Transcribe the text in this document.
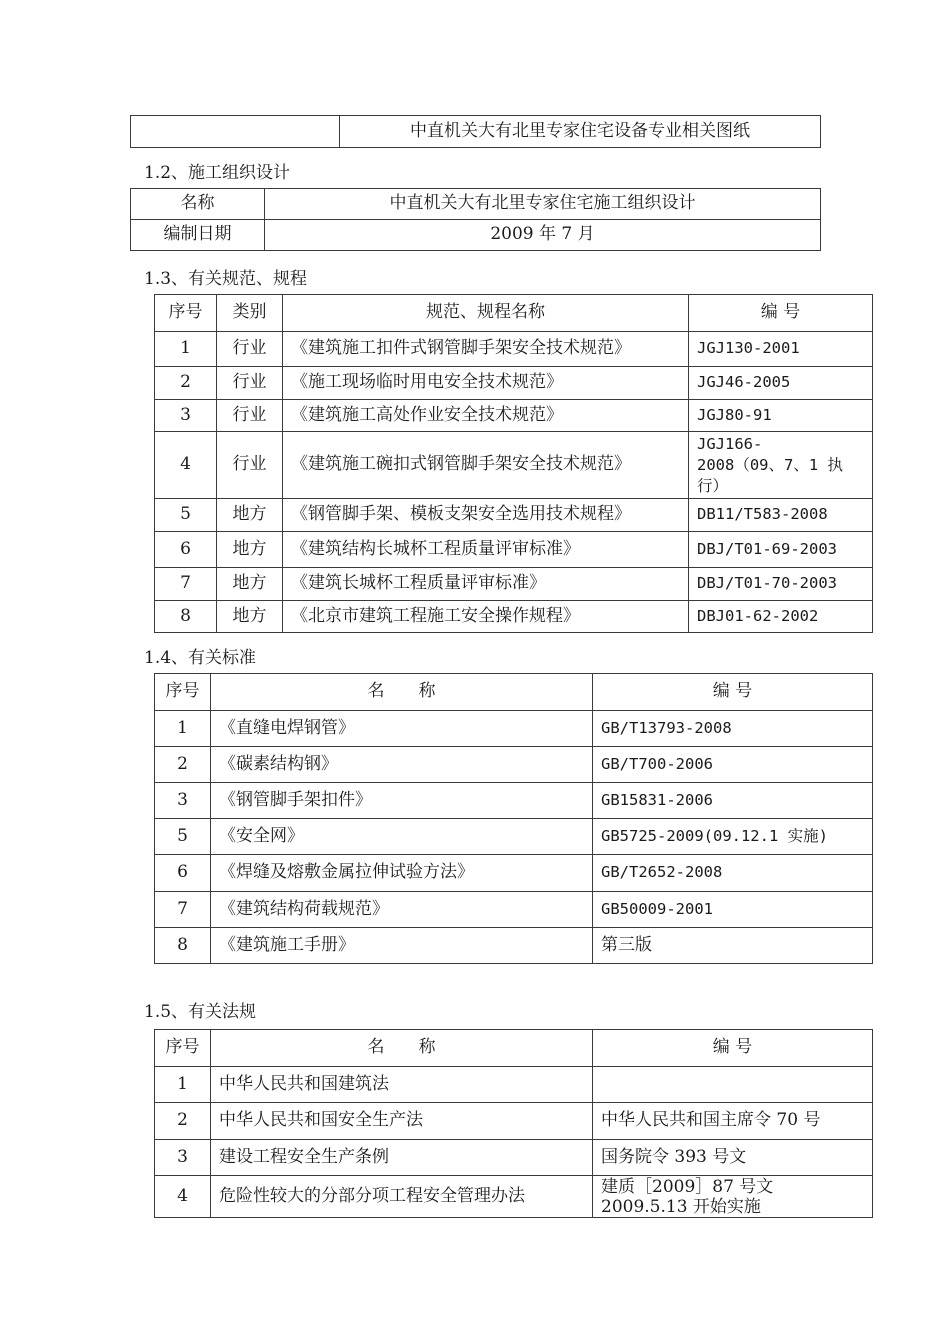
	中直机关大有北里专家住宅设备专业相关图纸
1.2、施工组织设计
名称	中直机关大有北里专家住宅施工组织设计
编制日期	2009 年 7 月
1.3、有关规范、规程
序号	类别	规范、规程名称	编 号
1	行业	《建筑施工扣件式钢管脚手架安全技术规范》	JGJ130-2001
2	行业	《施工现场临时用电安全技术规范》	JGJ46-2005
3	行业	《建筑施工高处作业安全技术规范》	JGJ80-91
4	行业	《建筑施工碗扣式钢管脚手架安全技术规范》	JGJ166-
2008（09、7、1 执
行）

5	地方	《钢管脚手架、模板支架安全选用技术规程》	DB11/T583-2008
6	地方	《建筑结构长城杯工程质量评审标准》	DBJ/T01-69-2003
7	地方	《建筑长城杯工程质量评审标准》	DBJ/T01-70-2003
8	地方	《北京市建筑工程施工安全操作规程》	DBJ01-62-2002
1.4、有关标准
序号	名　　称	编 号
1	《直缝电焊钢管》	GB/T13793-2008
2	《碳素结构钢》	GB/T700-2006
3	《钢管脚手架扣件》	GB15831-2006
5	《安全网》	GB5725-2009(09.12.1 实施)
6	《焊缝及熔敷金属拉伸试验方法》	GB/T2652-2008
7	《建筑结构荷载规范》	GB50009-2001
8	《建筑施工手册》	第三版
1.5、有关法规
序号	名　　称	编 号
1	中华人民共和国建筑法	
2	中华人民共和国安全生产法	中华人民共和国主席令 70 号
3	建设工程安全生产条例	国务院令 393 号文
4	危险性较大的分部分项工程安全管理办法	建质［2009］87 号文
2009.5.13 开始实施
